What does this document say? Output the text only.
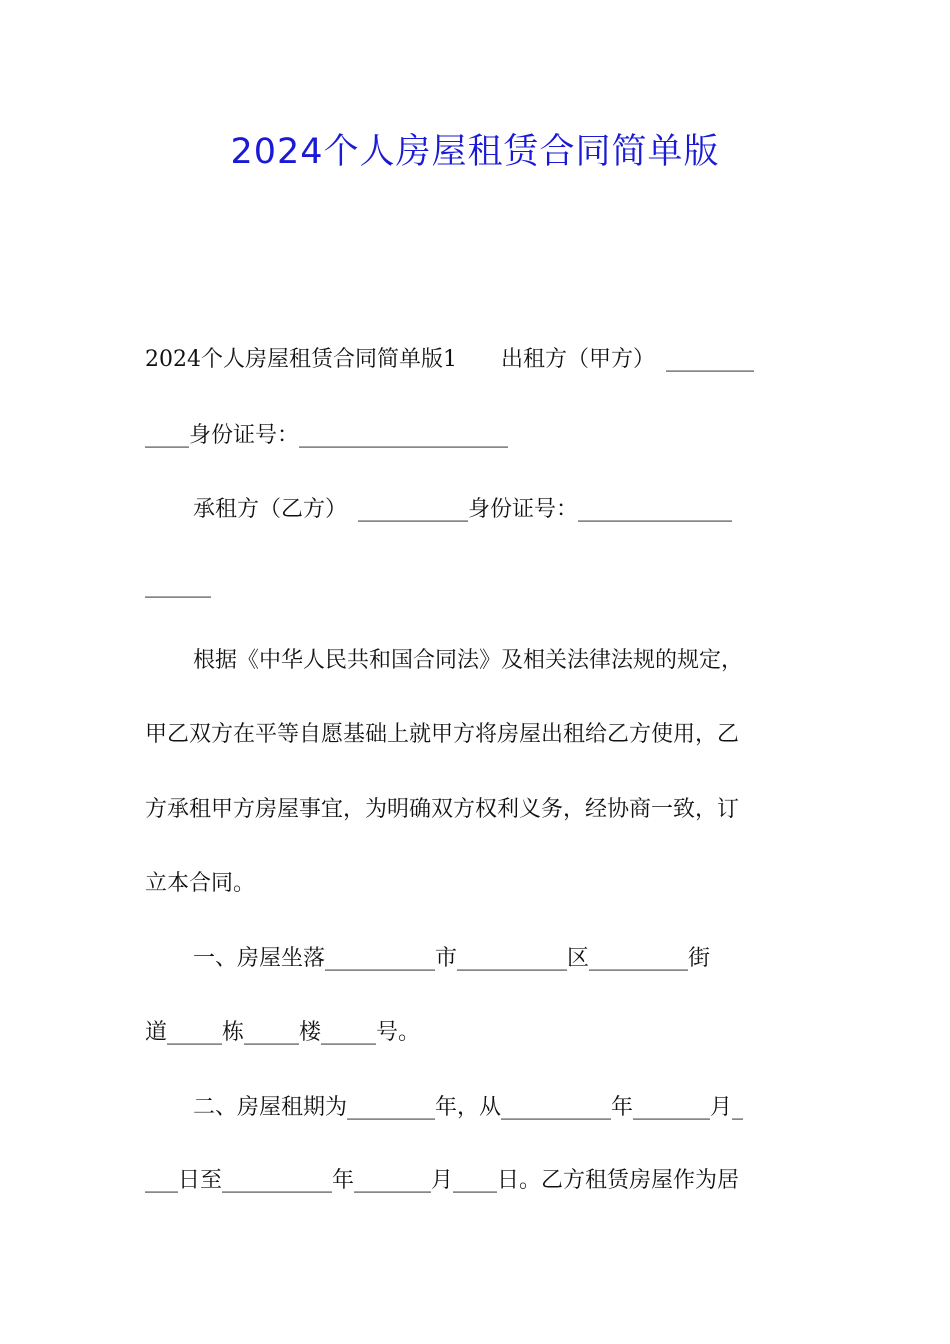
2024个人房屋租赁合同简单版
2024个人房屋租赁合同简单版1　　出租方（甲方）　________
____身份证号：___________________
承租方（乙方）　__________身份证号：______________
______
根据《中华人民共和国合同法》及相关法律法规的规定，
甲乙双方在平等自愿基础上就甲方将房屋出租给乙方使用，乙
方承租甲方房屋事宜，为明确双方权利义务，经协商一致，订
立本合同。
一、房屋坐落__________市__________区_________街
道_____栋_____楼_____号。
二、房屋租期为________年，从__________年_______月_
___日至__________年_______月____日。乙方租赁房屋作为居
